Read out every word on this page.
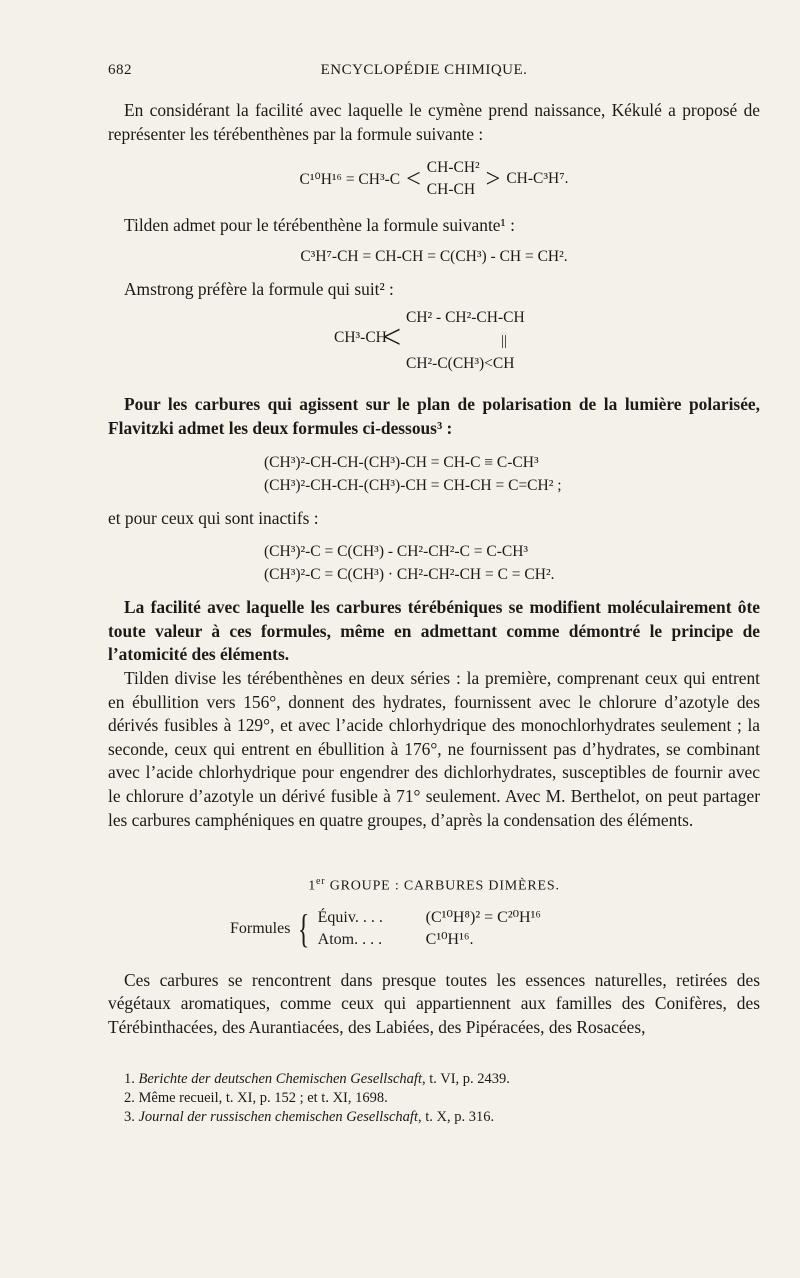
682	ENCYCLOPÉDIE CHIMIQUE.

En considérant la facilité avec laquelle le cymène prend naissance, Kékulé a proposé de représenter les térébenthènes par la formule suivante :

C¹⁰H¹⁶ = CH³-C < CH-CH²
CH-CH > CH-C³H⁷.

Tilden admet pour le térébenthène la formule suivante¹ :

C³H⁷-CH = CH-CH = C(CH³) - CH = CH².

Amstrong préfère la formule qui suit² :

CH³-CH
<
CH² - CH²-CH-CH
||
CH²-C(CH³)<CH

Pour les carbures qui agissent sur le plan de polarisation de la lumière polarisée, Flavitzki admet les deux formules ci-dessous³ :

(CH³)²-CH-CH-(CH³)-CH = CH-C ≡ C-CH³
(CH³)²-CH-CH-(CH³)-CH = CH-CH = C=CH² ;

et pour ceux qui sont inactifs :

(CH³)²-C = C(CH³) - CH²-CH²-C = C-CH³
(CH³)²-C = C(CH³) · CH²-CH²-CH = C = CH².

La facilité avec laquelle les carbures térébéniques se modifient moléculairement ôte toute valeur à ces formules, même en admettant comme démontré le principe de l’atomicité des éléments.

Tilden divise les térébenthènes en deux séries : la première, comprenant ceux qui entrent en ébullition vers 156°, donnent des hydrates, fournissent avec le chlorure d’azotyle des dérivés fusibles à 129°, et avec l’acide chlorhydrique des monochlorhydrates seulement ; la seconde, ceux qui entrent en ébullition à 176°, ne fournissent pas d’hydrates, se combinant avec l’acide chlorhydrique pour engendrer des dichlorhydrates, susceptibles de fournir avec le chlorure d’azotyle un dérivé fusible à 71° seulement. Avec M. Berthelot, on peut partager les carbures camphéniques en quatre groupes, d’après la condensation des éléments.

1er GROUPE : CARBURES DIMÈRES.
Formules { Équiv. . . .	(C¹⁰H⁸)² = C²⁰H¹⁶
Atom. . . .	C¹⁰H¹⁶.

Ces carbures se rencontrent dans presque toutes les essences naturelles, retirées des végétaux aromatiques, comme ceux qui appartiennent aux familles des Conifères, des Térébinthacées, des Aurantiacées, des Labiées, des Pipéracées, des Rosacées,

1. Berichte der deutschen Chemischen Gesellschaft, t. VI, p. 2439.
2. Même recueil, t. XI, p. 152 ; et t. XI, 1698.
3. Journal der russischen chemischen Gesellschaft, t. X, p. 316.
